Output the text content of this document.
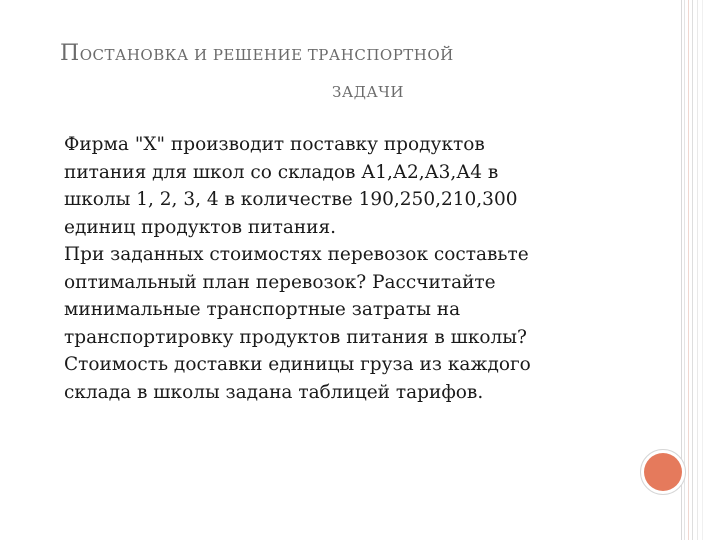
ПОСТАНОВКА И РЕШЕНИЕ ТРАНСПОРТНОЙ
ЗАДАЧИ
Фирма "Х" производит поставку продуктов
питания для школ со складов А1,А2,А3,А4 в
школы 1, 2, 3, 4 в количестве 190,250,210,300
единиц продуктов питания.
При заданных стоимостях перевозок составьте
оптимальный план перевозок? Рассчитайте
минимальные транспортные затраты на
транспортировку продуктов питания в школы?
Стоимость доставки единицы груза из каждого
склада в школы задана таблицей тарифов.
